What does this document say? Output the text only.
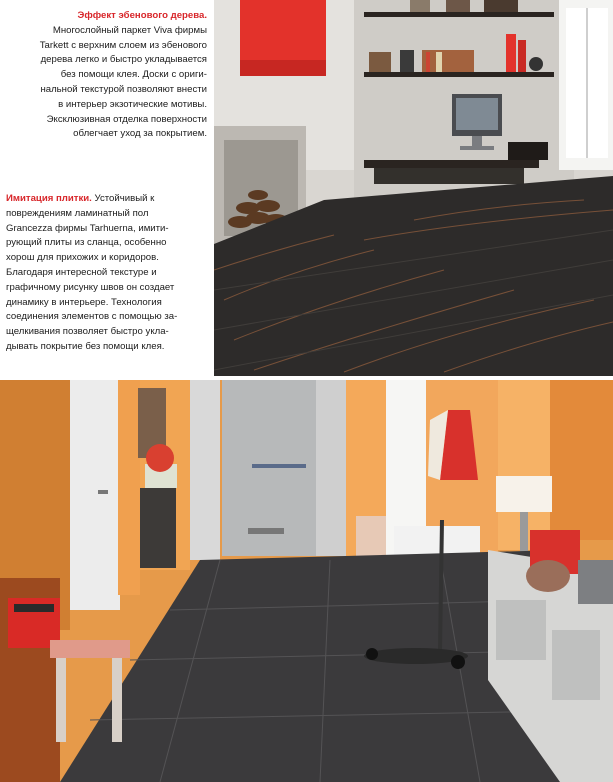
Эффект эбенового дерева.

Многослойный паркет Viva фирмы

Tarkett с верхним слоем из эбенового

дерева легко и быстро укладывается

без помощи клея. Доски с ориги-

нальной текстурой позволяют внести

в интерьер экзотические мотивы.

Эксклюзивная отделка поверхности

облегчает уход за покрытием.

Имитация плитки. Устойчивый к

повреждениям ламинатный пол

Grancezza фирмы Tarhuerna, имити-

рующий плиты из сланца, особенно

хорош для прихожих и коридоров.

Благодаря интересной текстуре и

графичному рисунку швов он создает

динамику в интерьере. Технология

соединения элементов с помощью за-

щелкивания позволяет быстро укла-

дывать покрытие без помощи клея.
